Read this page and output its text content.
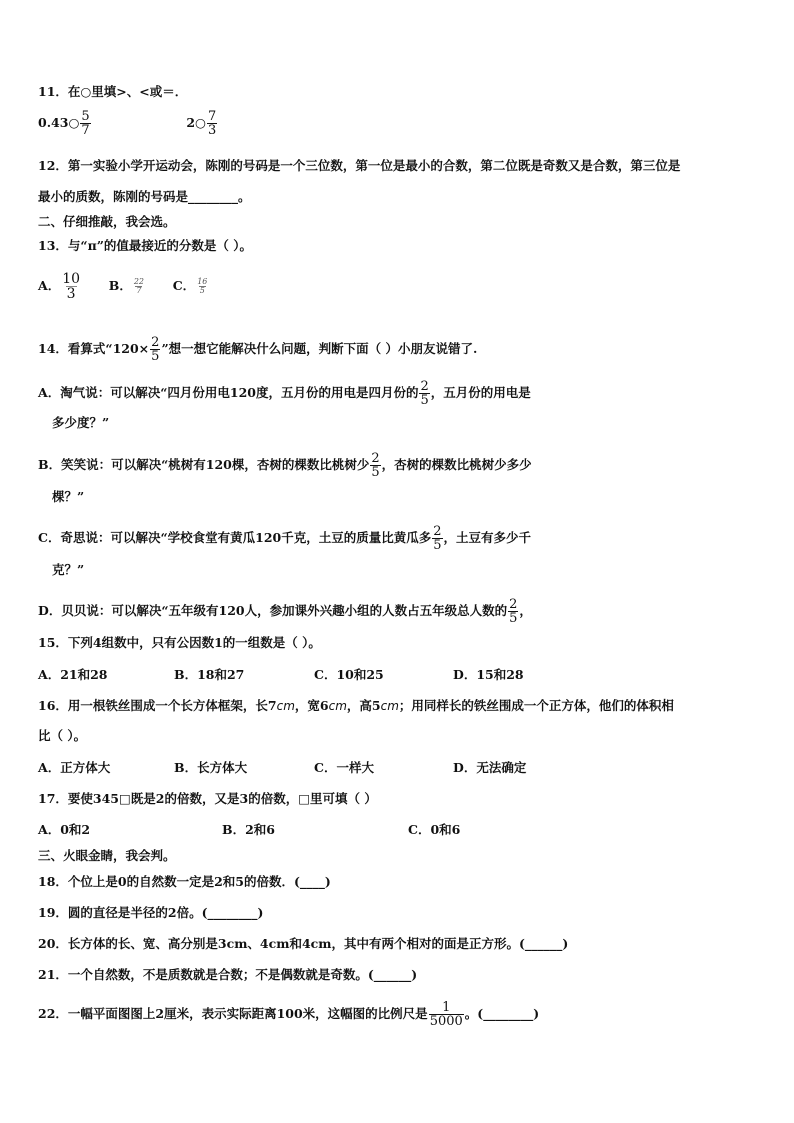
11．在○里填>、<或＝．
0.43○ $\frac{5}{7}$	2○ $\frac{7}{3}$
12．第一实验小学开运动会，陈刚的号码是一个三位数，第一位是最小的合数，第二位既是奇数又是合数，第三位是
最小的质数，陈刚的号码是________。
二、仔细推敲，我会选。
13．与“π”的值最接近的分数是（ ）。
A． $\frac{10}{3}$ B． $\frac{22}{7}$ C． $\frac{16}{5}$
14．看算式“$120\times \frac{2}{5}$ ”想一想它能解决什么问题，判断下面（ ）小朋友说错了.
A．淘气说：可以解决“四月份用电120度，五月份的用电是四月份的 $\frac{2}{5}$ ，五月份的用电是
多少度？”
B．笑笑说：可以解决“桃树有120棵，杏树的棵数比桃树少 $\frac{2}{5}$ ，杏树的棵数比桃树少多少
棵？”
C．奇思说：可以解决“学校食堂有黄瓜120千克，土豆的质量比黄瓜多 $\frac{2}{5}$ ，土豆有多少千
克？”
D．贝贝说：可以解决“五年级有120人，参加课外兴趣小组的人数占五年级总人数的 $\frac{2}{5}$ ，
15．下列4组数中，只有公因数1的一组数是（ ）。
A．21和28	B．18和27	C．10和25	D．15和28
16．用一根铁丝围成一个长方体框架，长7cm，宽6cm，高5cm；用同样长的铁丝围成一个正方体，他们的体积相
比（ ）。
A．正方体大	B．长方体大	C．一样大	D．无法确定
17．要使345□既是2的倍数，又是3的倍数，□里可填（ ）
A．0和2	B．2和6	C．0和6
三、火眼金睛，我会判。
18．个位上是0的自然数一定是2和5的倍数．(____)
19．圆的直径是半径的2倍。(________)
20．长方体的长、宽、高分别是3cm、4cm和4cm，其中有两个相对的面是正方形。(______)
21．一个自然数，不是质数就是合数；不是偶数就是奇数。(______)
22．一幅平面图图上2厘米，表示实际距离100米，这幅图的比例尺是 $\frac{1}{5000}$ 。(________)
